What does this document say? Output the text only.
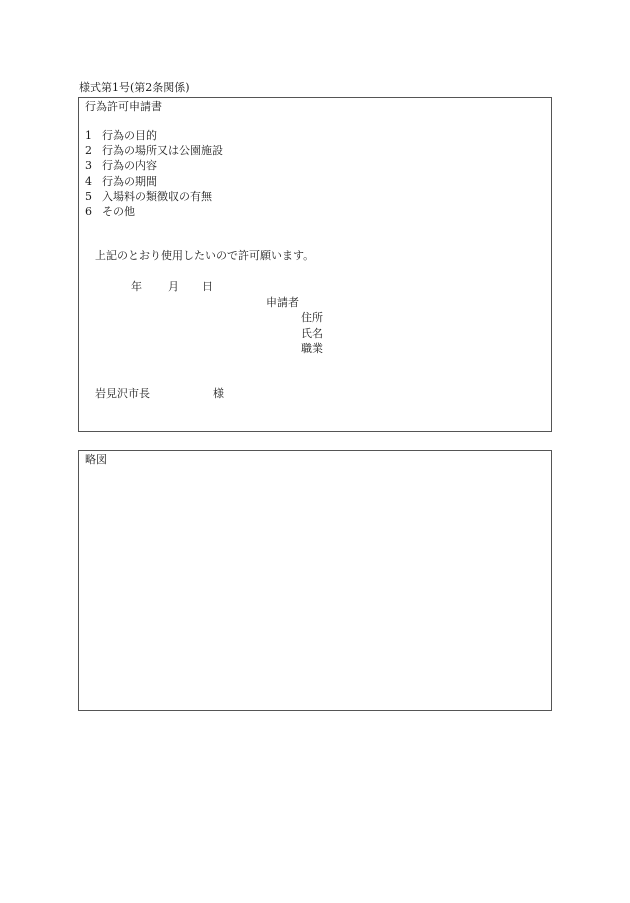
様式第1号(第2条関係)
行為許可申請書
1 行為の目的
2 行為の場所又は公園施設
3 行為の内容
4 行為の期間
5 入場料の類徴収の有無
6 その他
上記のとおり使用したいので許可願います。
年 月 日
申請者
住所
氏名
職業
岩見沢市長	様
略図
